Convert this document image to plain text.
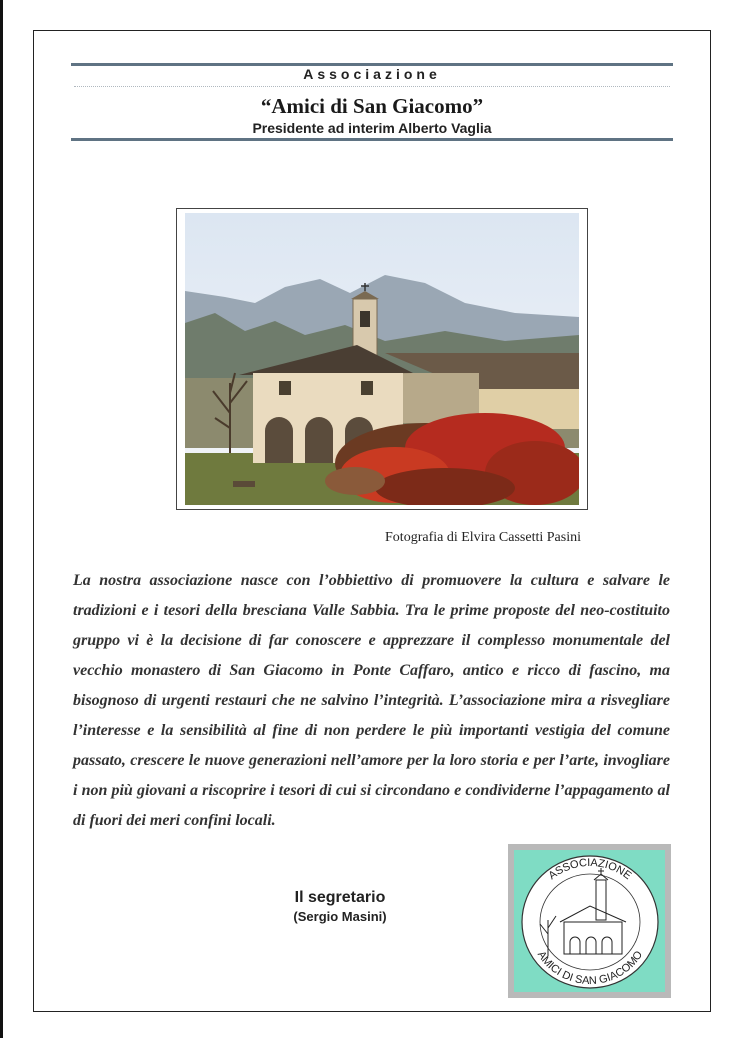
Associazione
“Amici di San Giacomo”
Presidente ad interim Alberto Vaglia
Fotografia di Elvira Cassetti Pasini
La nostra associazione nasce con l’obbiettivo di promuovere la cultura e salvare le tradizioni e i tesori della bresciana Valle Sabbia. Tra le prime proposte del neo-costituito gruppo vi è la decisione di far conoscere e apprezzare il complesso monumentale del vecchio monastero di San Giacomo in Ponte Caffaro, antico e ricco di fascino, ma bisognoso di urgenti restauri che ne salvino l’integrità. L’associazione mira a risvegliare l’interesse e la sensibilità al fine di non perdere le più importanti vestigia del comune passato, crescere le nuove generazioni nell’amore per la loro storia e per l’arte, invogliare i non più giovani a riscoprire i tesori di cui si circondano e condividerne l’appagamento al di fuori dei meri confini locali.
Il segretario
(Sergio Masini)
ASSOCIAZIONE
AMICI DI SAN GIACOMO
